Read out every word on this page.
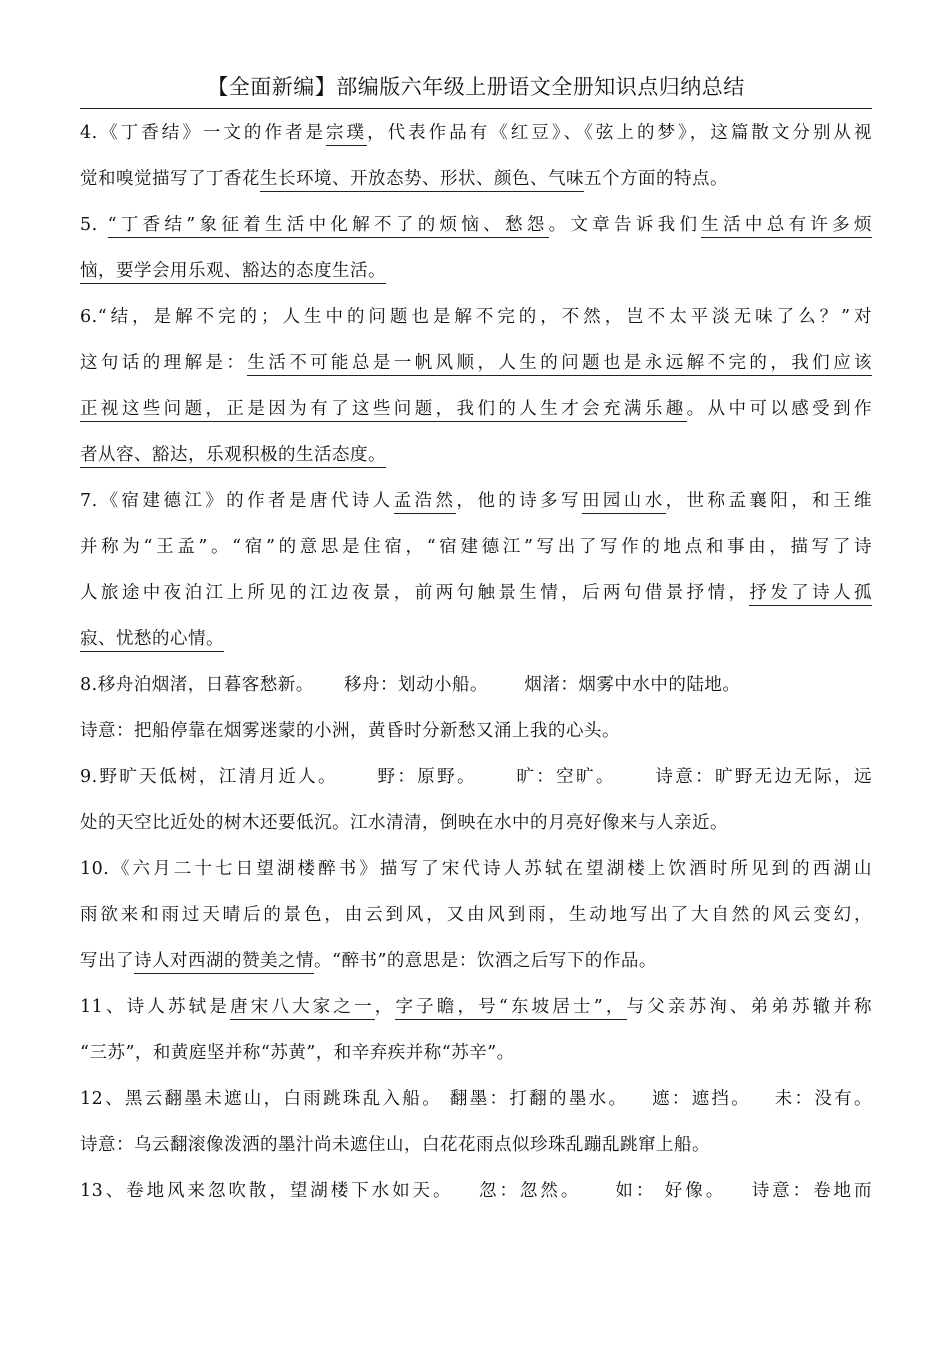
【全面新编】部编版六年级上册语文全册知识点归纳总结
4.《丁香结》一文的作者是宗璞，代表作品有《红豆》、《弦上的梦》，这篇散文分别从视
觉和嗅觉描写了丁香花生长环境、开放态势、形状、颜色、气味五个方面的特点。
5. “丁香结”象征着生活中化解不了的烦恼、愁怨。文章告诉我们生活中总有许多烦
恼，要学会用乐观、豁达的态度生活。
6.“结，是解不完的；人生中的问题也是解不完的，不然，岂不太平淡无味了么？”对
这句话的理解是：生活不可能总是一帆风顺，人生的问题也是永远解不完的，我们应该
正视这些问题，正是因为有了这些问题，我们的人生才会充满乐趣。从中可以感受到作
者从容、豁达，乐观积极的生活态度。
7.《宿建德江》的作者是唐代诗人孟浩然，他的诗多写田园山水，世称孟襄阳，和王维
并称为“王孟”。“宿”的意思是住宿，“宿建德江”写出了写作的地点和事由，描写了诗
人旅途中夜泊江上所见的江边夜景，前两句触景生情，后两句借景抒情，抒发了诗人孤
寂、忧愁的心情。
8.移舟泊烟渚，日暮客愁新。     移舟：划动小船。      烟渚：烟雾中水中的陆地。
诗意：把船停靠在烟雾迷蒙的小洲，黄昏时分新愁又涌上我的心头。
9.野旷天低树，江清月近人。     野：原野。     旷：空旷。     诗意：旷野无边无际，远
处的天空比近处的树木还要低沉。江水清清，倒映在水中的月亮好像来与人亲近。
10.《六月二十七日望湖楼醉书》描写了宋代诗人苏轼在望湖楼上饮酒时所见到的西湖山
雨欲来和雨过天晴后的景色，由云到风，又由风到雨，生动地写出了大自然的风云变幻，
写出了诗人对西湖的赞美之情。“醉书”的意思是：饮酒之后写下的作品。
11、诗人苏轼是唐宋八大家之一，字子瞻，号“东坡居士”，与父亲苏洵、弟弟苏辙并称
“三苏”，和黄庭坚并称“苏黄”，和辛弃疾并称“苏辛”。
12、黑云翻墨未遮山，白雨跳珠乱入船。 翻墨：打翻的墨水。   遮：遮挡。   未：没有。
诗意：乌云翻滚像泼洒的墨汁尚未遮住山，白花花雨点似珍珠乱蹦乱跳窜上船。
13、卷地风来忽吹散，望湖楼下水如天。   忽：忽然。    如： 好像。   诗意：卷地而
